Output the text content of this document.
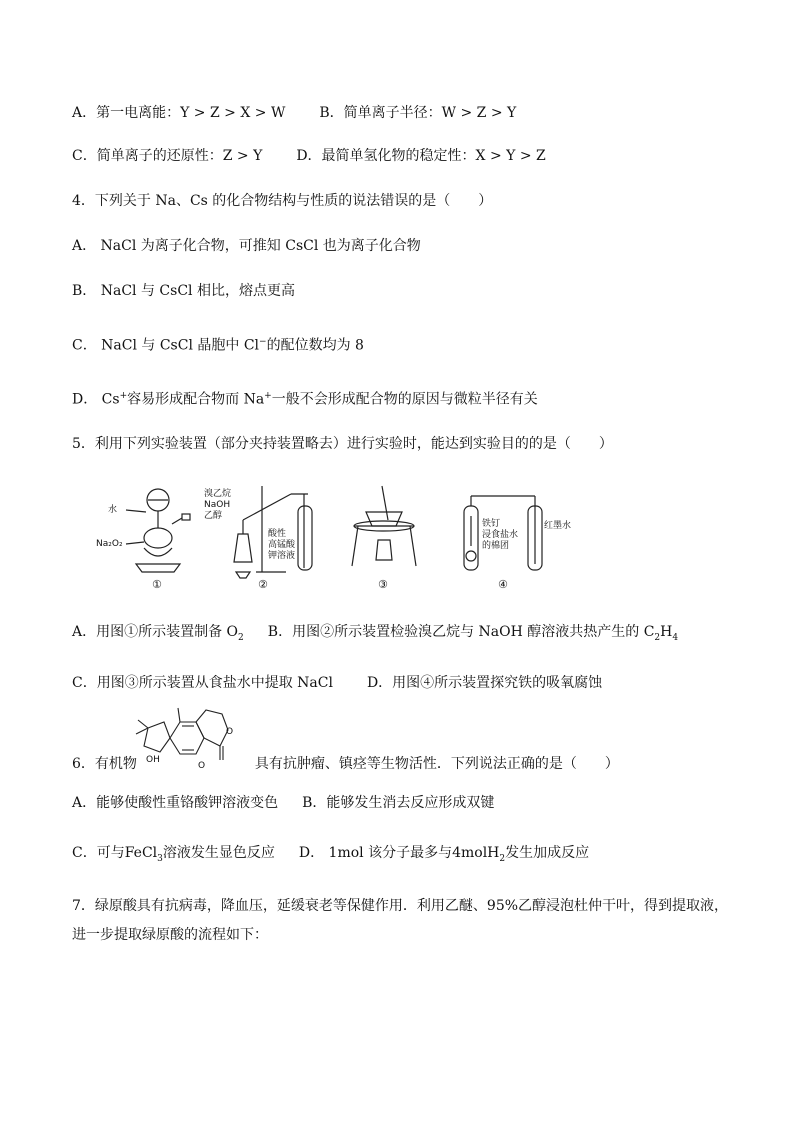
A．第一电离能：Y > Z > X > W B．简单离子半径：W > Z > Y
C．简单离子的还原性：Z > Y D．最简单氢化物的稳定性：X > Y > Z
4．下列关于 Na、Cs 的化合物结构与性质的说法错误的是（　　）
A． NaCl 为离子化合物，可推知 CsCl 也为离子化合物
B． NaCl 与 CsCl 相比，熔点更高
C． NaCl 与 CsCl 晶胞中 Cl−的配位数均为 8
D． Cs+容易形成配合物而 Na+一般不会形成配合物的原因与微粒半径有关
5．利用下列实验装置（部分夹持装置略去）进行实验时，能达到实验目的的是（　　）
水
Na₂O₂
①
溴乙烷
NaOH
乙醇
酸性
高锰酸
钾溶液
②	③
铁钉
浸食盐水
的棉团
红墨水
④
A．用图①所示装置制备 $O_2$ B．用图②所示装置检验溴乙烷与 NaOH 醇溶液共热产生的 $C_2H_4$
C．用图③所示装置从食盐水中提取 NaCl D．用图④所示装置探究铁的吸氧腐蚀
OH
O
O
6．有机物	具有抗肿瘤、镇痉等生物活性．下列说法正确的是（　　）
A．能够使酸性重铬酸钾溶液变色 B．能够发生消去反应形成双键
C．可与FeCl$_3$溶液发生显色反应 D． 1mol 该分子最多与4molH$_2$发生加成反应
7．绿原酸具有抗病毒，降血压，延缓衰老等保健作用．利用乙醚、95%乙醇浸泡杜仲干叶，得到提取液，
进一步提取绿原酸的流程如下：
